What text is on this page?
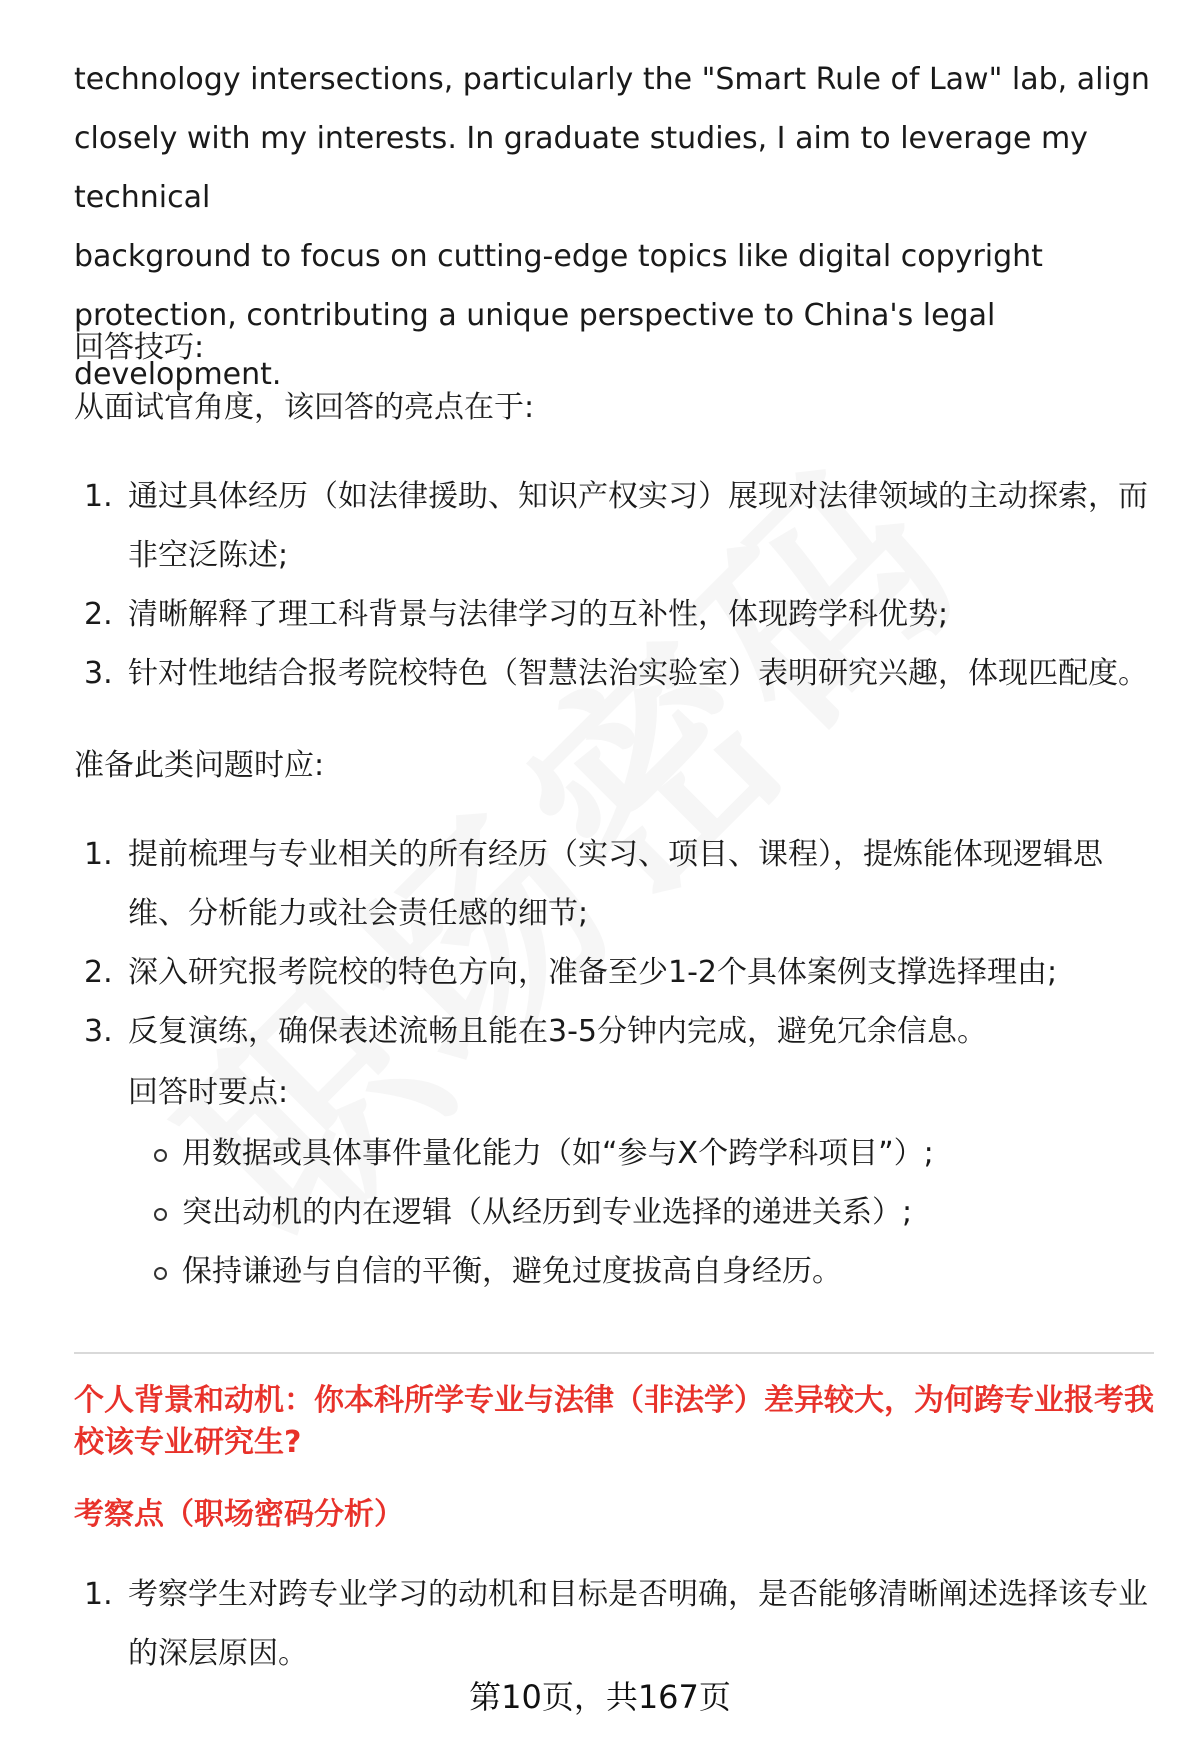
technology intersections, particularly the "Smart Rule of Law" lab, align

closely with my interests. In graduate studies, I aim to leverage my technical

background to focus on cutting-edge topics like digital copyright

protection, contributing a unique perspective to China's legal development.

回答技巧:
从面试官角度，该回答的亮点在于:
1. 通过具体经历（如法律援助、知识产权实习）展现对法律领域的主动探索，而
非空泛陈述;
2. 清晰解释了理工科背景与法律学习的互补性，体现跨学科优势;
3. 针对性地结合报考院校特色（智慧法治实验室）表明研究兴趣，体现匹配度。
准备此类问题时应:
1. 提前梳理与专业相关的所有经历（实习、项目、课程），提炼能体现逻辑思
维、分析能力或社会责任感的细节;
2. 深入研究报考院校的特色方向，准备至少1-2个具体案例支撑选择理由;
3. 反复演练，确保表述流畅且能在3-5分钟内完成，避免冗余信息。
回答时要点:
用数据或具体事件量化能力（如“参与X个跨学科项目”）;
突出动机的内在逻辑（从经历到专业选择的递进关系）;
保持谦逊与自信的平衡，避免过度拔高自身经历。
个人背景和动机：你本科所学专业与法律（非法学）差异较大，为何跨专业报考我校该专业研究生?
考察点（职场密码分析）
1. 考察学生对跨专业学习的动机和目标是否明确，是否能够清晰阐述选择该专业
的深层原因。
第10页，共167页
